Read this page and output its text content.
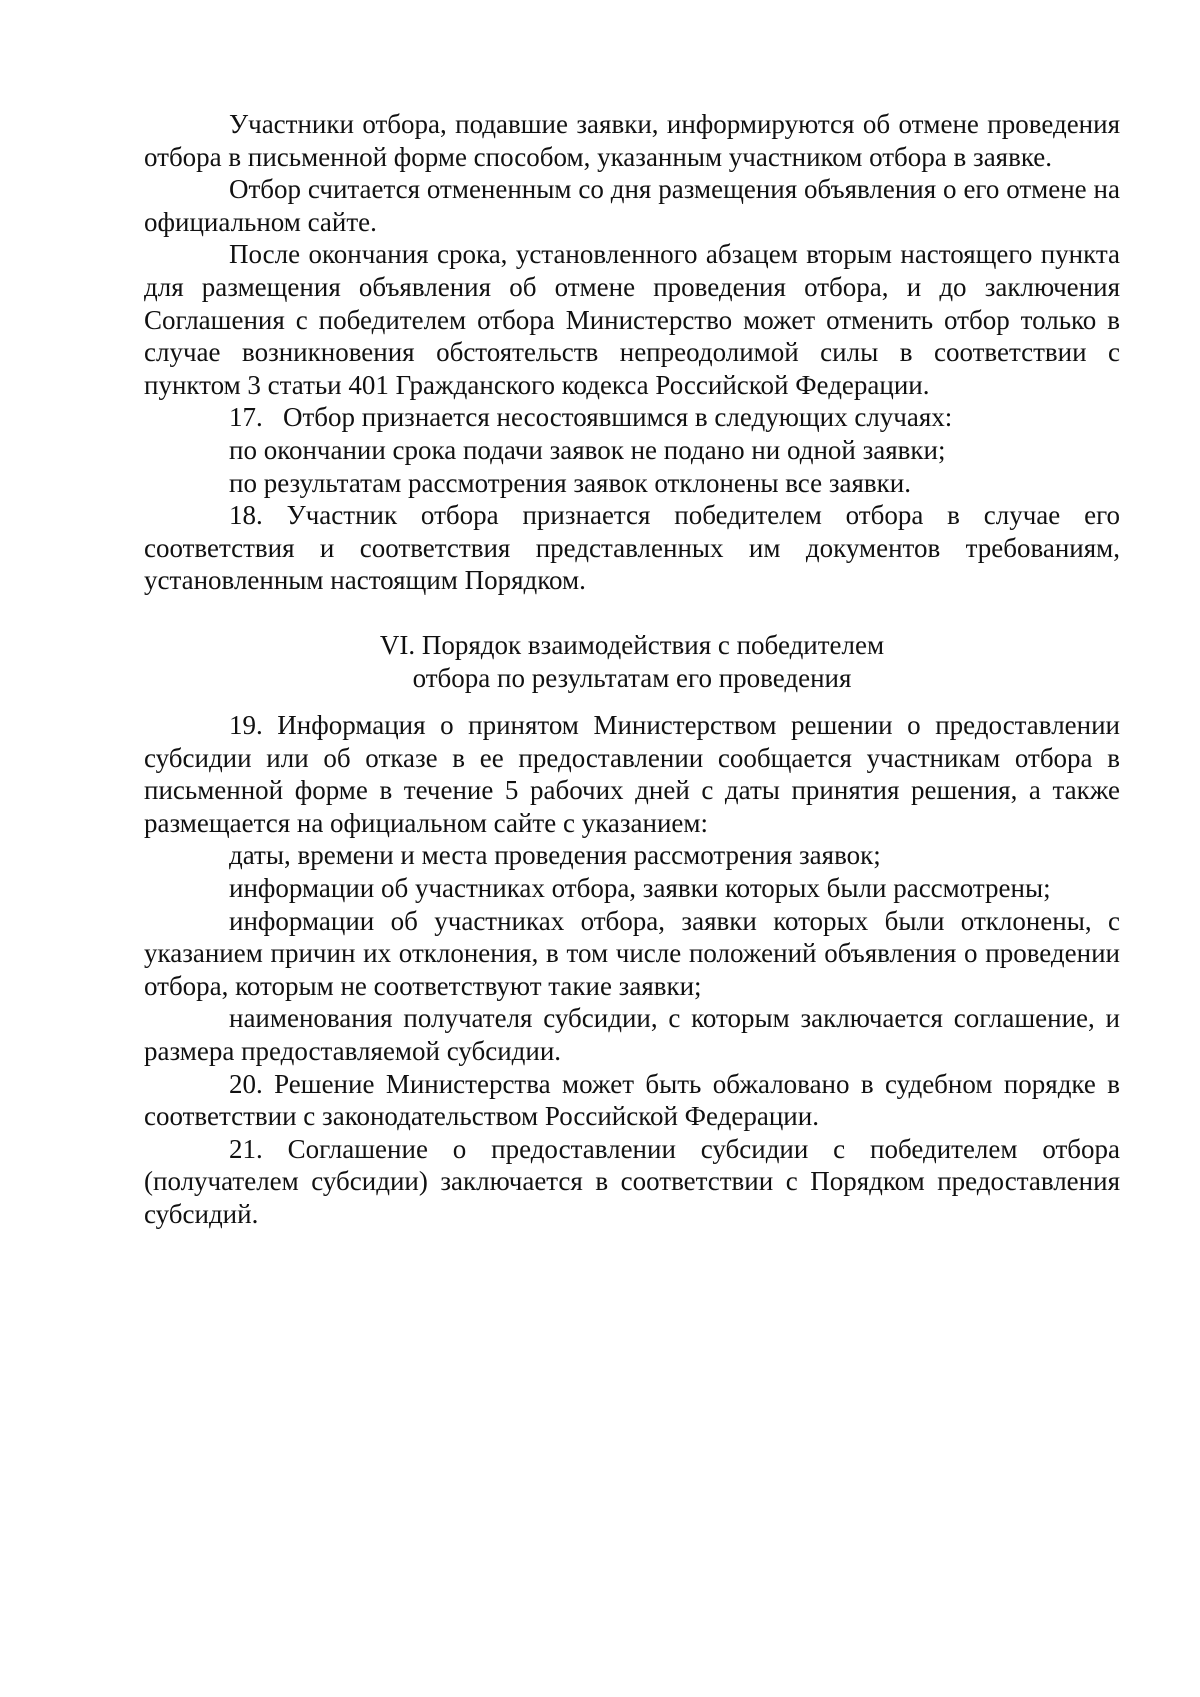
Участники отбора, подавшие заявки, информируются об отмене проведения отбора в письменной форме способом, указанным участником отбора в заявке.

Отбор считается отмененным со дня размещения объявления о его отмене на официальном сайте.

После окончания срока, установленного абзацем вторым настоящего пункта для размещения объявления об отмене проведения отбора, и до заключения Соглашения с победителем отбора Министерство может отменить отбор только в случае возникновения обстоятельств непреодолимой силы в соответствии с пунктом 3 статьи 401 Гражданского кодекса Российской Федерации.

17.   Отбор признается несостоявшимся в следующих случаях:

по окончании срока подачи заявок не подано ни одной заявки;

по результатам рассмотрения заявок отклонены все заявки.

18. Участник отбора признается победителем отбора в случае его соответствия и соответствия представленных им документов требованиям, установленным настоящим Порядком.

VI. Порядок взаимодействия с победителем
отбора по результатам его проведения

19. Информация о принятом Министерством решении о предоставлении субсидии или об отказе в ее предоставлении сообщается участникам отбора в письменной форме в течение 5 рабочих дней с даты принятия решения, а также размещается на официальном сайте с указанием:

даты, времени и места проведения рассмотрения заявок;

информации об участниках отбора, заявки которых были рассмотрены;

информации об участниках отбора, заявки которых были отклонены, с указанием причин их отклонения, в том числе положений объявления о проведении отбора, которым не соответствуют такие заявки;

наименования получателя субсидии, с которым заключается соглашение, и размера предоставляемой субсидии.

20. Решение Министерства может быть обжаловано в судебном порядке в соответствии с законодательством Российской Федерации.

21. Соглашение о предоставлении субсидии с победителем отбора (получателем субсидии) заключается в соответствии с Порядком предоставления субсидий.
